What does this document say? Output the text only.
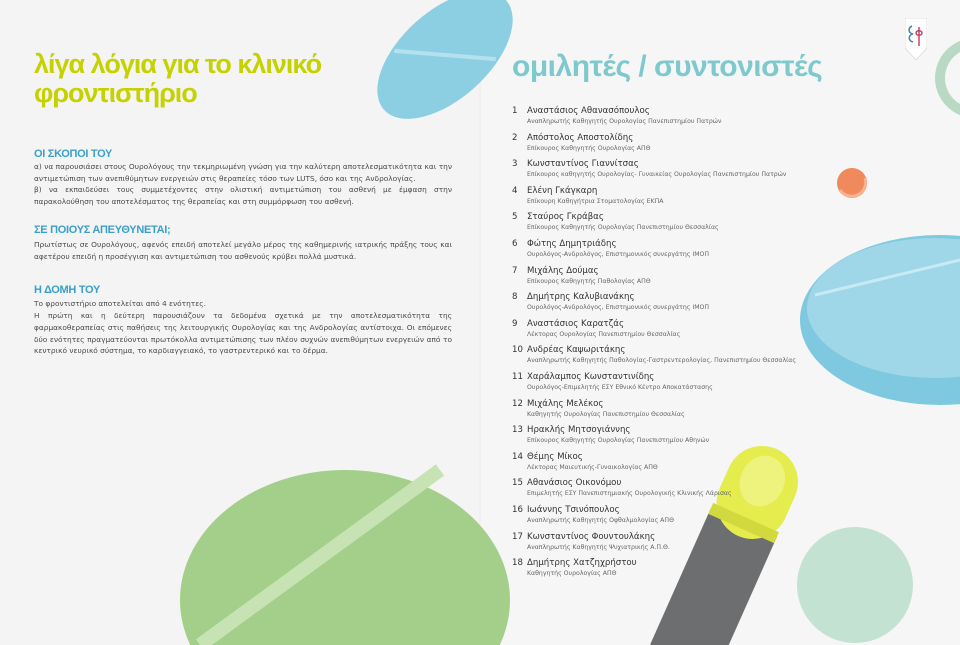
λίγα λόγια για το κλινικό φροντιστήριο
ΟΙ ΣΚΟΠΟΙ ΤΟΥ

α) να παρουσιάσει στους Ουρολόγους την τεκμηριωμένη γνώση για την καλύτερη αποτελεσματικότητα και την αντιμετώπιση των ανεπιθύμητων ενεργειών στις θεραπείες τόσο των LUTS, όσο και της Ανδρολογίας.

β) να εκπαιδεύσει τους συμμετέχοντες στην ολιστική αντιμετώπιση του ασθενή με έμφαση στην παρακολούθηση του αποτελέσματος της θεραπείας και στη συμμόρφωση του ασθενή.

ΣΕ ΠΟΙΟΥΣ ΑΠΕΥΘΥΝΕΤΑΙ;

Πρωτίστως σε Ουρολόγους, αφενός επειδή αποτελεί μεγάλο μέρος της καθημερινής ιατρικής πράξης τους και αφετέρου επειδή η προσέγγιση και αντιμετώπιση του ασθενούς κρύβει πολλά μυστικά.

Η ΔΟΜΗ ΤΟΥ

Το φροντιστήριο αποτελείται από 4 ενότητες.

Η πρώτη και η δεύτερη παρουσιάζουν τα δεδομένα σχετικά με την αποτελεσματικότητα της φαρμακοθεραπείας στις παθήσεις της λειτουργικής Ουρολογίας και της Ανδρολογίας αντίστοιχα. Οι επόμενες δύο ενότητες πραγματεύονται πρωτόκολλα αντιμετώπισης των πλέον συχνών ανεπιθύμητων ενεργειών από το κεντρικό νευρικό σύστημα, το καρδιαγγειακό, το γαστρεντερικό και το δέρμα.

ομιλητές / συντονιστές
1 Αναστάσιος Αθανασόπουλος
Αναπληρωτής Καθηγητής Ουρολογίας Πανεπιστημίου Πατρών
2 Απόστολος Αποστολίδης
Επίκουρος Καθηγητής Ουρολογίας ΑΠΘ
3 Κωνσταντίνος Γιαννίτσας
Επίκουρος καθηγητής Ουρολογίας- Γυναικείας Ουρολογίας Πανεπιστημίου Πατρών
4 Ελένη Γκάγκαρη
Επίκουρη Καθηγήτρια Στοματολογίας ΕΚΠΑ
5 Σταύρος Γκράβας
Επίκουρος Καθηγητής Ουρολογίας Πανεπιστημίου Θεσσαλίας
6 Φώτης Δημητριάδης
Ουρολόγος-Ανδρολόγος, Επιστημονικός συνεργάτης ΙΜΟΠ
7 Μιχάλης Δούμας
Επίκουρος Καθηγητής Παθολογίας ΑΠΘ
8 Δημήτρης Καλυβιανάκης
Ουρολόγος-Ανδρολόγος, Επιστημονικός συνεργάτης ΙΜΟΠ
9 Αναστάσιος Καρατζάς
Λέκτορας Ουρολογίας Πανεπιστημίου Θεσσαλίας
10 Ανδρέας Καψωριτάκης
Αναπληρωτής Καθηγητής Παθολογίας-Γαστρεντερολογίας, Πανεπιστημίου Θεσσαλίας
11 Χαράλαμπος Κωνσταντινίδης
Ουρολόγος-Επιμελητής ΕΣΥ Εθνικό Κέντρο Αποκατάστασης
12 Μιχάλης Μελέκος
Καθηγητής Ουρολογίας Πανεπιστημίου Θεσσαλίας
13 Ηρακλής Μητσογιάννης
Επίκουρος Καθηγητής Ουρολογίας Πανεπιστημίου Αθηνών
14 Θέμης Μίκος
Λέκτορας Μαιευτικής-Γυναικολογίας ΑΠΘ
15 Αθανάσιος Οικονόμου
Επιμελητής ΕΣΥ Πανεπιστημιακής Ουρολογικής Κλινικής Λάρισας
16 Ιωάννης Τσινόπουλος
Αναπληρωτής Καθηγητής Οφθαλμολογίας ΑΠΘ
17 Κωνσταντίνος Φουντουλάκης
Αναπληρωτής Καθηγητής Ψυχιατρικής Α.Π.Θ.
18 Δημήτρης Χατζηχρήστου
Καθηγητής Ουρολογίας ΑΠΘ
